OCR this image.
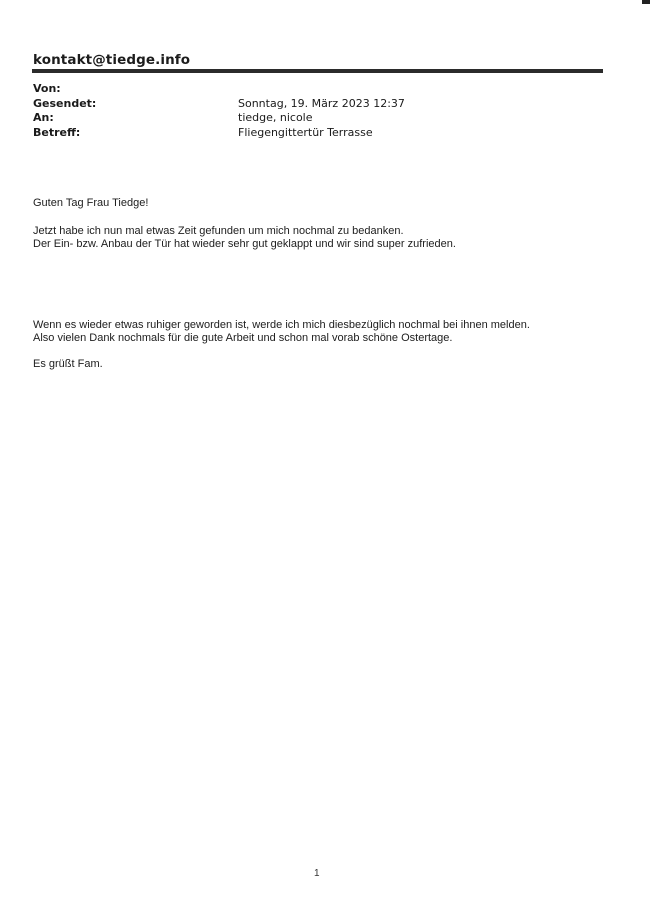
kontakt@tiedge.info
Von:
Gesendet:	Sonntag, 19. März 2023 12:37
An:	tiedge, nicole
Betreff:	Fliegengittertür Terrasse
Guten Tag Frau Tiedge!
Jetzt habe ich nun mal etwas Zeit gefunden um mich nochmal zu bedanken.
Der Ein- bzw. Anbau der Tür hat wieder sehr gut geklappt und wir sind super zufrieden.
Wenn es wieder etwas ruhiger geworden ist, werde ich mich diesbezüglich nochmal bei ihnen melden.
Also vielen Dank nochmals für die gute Arbeit und schon mal vorab schöne Ostertage.
Es grüßt Fam.
1
